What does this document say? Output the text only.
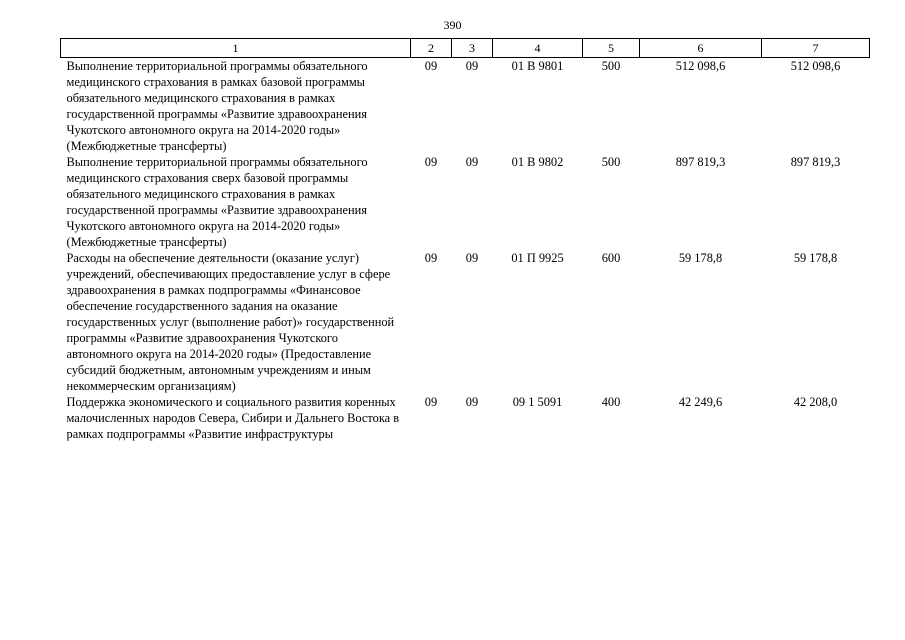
390
1	2	3	4	5	6	7
Выполнение территориальной программы обязательного медицинского страхования в рамках базовой программы обязательного медицинского страхования в рамках государственной программы «Развитие здравоохранения Чукотского автономного округа на 2014-2020 годы» (Межбюджетные трансферты)	09	09	01 В 9801	500	512 098,6	512 098,6
Выполнение территориальной программы обязательного медицинского страхования сверх базовой программы обязательного медицинского страхования в рамках государственной программы «Развитие здравоохранения Чукотского автономного округа на 2014-2020 годы» (Межбюджетные трансферты)	09	09	01 В 9802	500	897 819,3	897 819,3
Расходы на обеспечение деятельности (оказание услуг) учреждений, обеспечивающих предоставление услуг в сфере здравоохранения в рамках подпрограммы «Финансовое обеспечение государственного задания на оказание государственных услуг (выполнение работ)» государственной программы «Развитие здравоохранения Чукотского автономного округа на 2014-2020 годы» (Предоставление субсидий бюджетным, автономным учреждениям и иным некоммерческим организациям)	09	09	01 П 9925	600	59 178,8	59 178,8
Поддержка экономического и социального развития коренных малочисленных народов Севера, Сибири и Дальнего Востока в рамках подпрограммы «Развитие инфраструктуры	09	09	09 1 5091	400	42 249,6	42 208,0
